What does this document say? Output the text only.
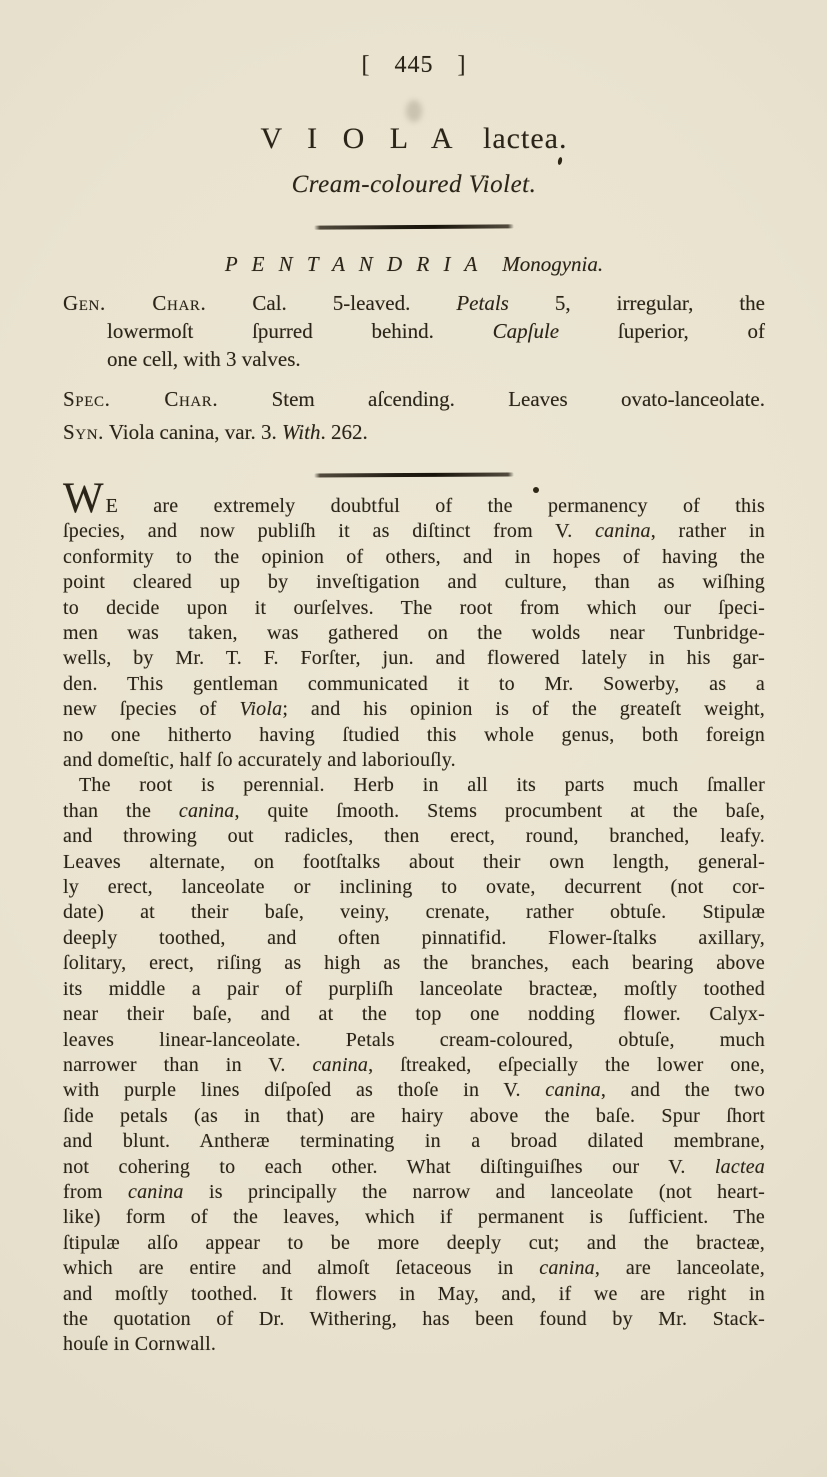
[ 445 ]
V I O L A lactea.
Cream-coloured Violet.
P E N T A N D R I A Monogynia.
Gen. Char. Cal. 5-leaved. Petals 5, irregular, the
lowermoſt ſpurred behind. Capſule ſuperior, of
one cell, with 3 valves.
Spec. Char. Stem aſcending. Leaves ovato-lanceolate.
Syn. Viola canina, var. 3. With. 262.
WE are extremely doubtful of the permanency of this
ſpecies, and now publiſh it as diſtinct from V. canina, rather in
conformity to the opinion of others, and in hopes of having the
point cleared up by inveſtigation and culture, than as wiſhing
to decide upon it ourſelves. The root from which our ſpeci-
men was taken, was gathered on the wolds near Tunbridge-
wells, by Mr. T. F. Forſter, jun. and flowered lately in his gar-
den. This gentleman communicated it to Mr. Sowerby, as a
new ſpecies of Viola; and his opinion is of the greateſt weight,
no one hitherto having ſtudied this whole genus, both foreign
and domeſtic, half ſo accurately and laboriouſly.
The root is perennial. Herb in all its parts much ſmaller
than the canina, quite ſmooth. Stems procumbent at the baſe,
and throwing out radicles, then erect, round, branched, leafy.
Leaves alternate, on footſtalks about their own length, general-
ly erect, lanceolate or inclining to ovate, decurrent (not cor-
date) at their baſe, veiny, crenate, rather obtuſe. Stipulæ
deeply toothed, and often pinnatifid. Flower-ſtalks axillary,
ſolitary, erect, riſing as high as the branches, each bearing above
its middle a pair of purpliſh lanceolate bracteæ, moſtly toothed
near their baſe, and at the top one nodding flower. Calyx-
leaves linear-lanceolate. Petals cream-coloured, obtuſe, much
narrower than in V. canina, ſtreaked, eſpecially the lower one,
with purple lines diſpoſed as thoſe in V. canina, and the two
ſide petals (as in that) are hairy above the baſe. Spur ſhort
and blunt. Antheræ terminating in a broad dilated membrane,
not cohering to each other. What diſtinguiſhes our V. lactea
from canina is principally the narrow and lanceolate (not heart-
like) form of the leaves, which if permanent is ſufficient. The
ſtipulæ alſo appear to be more deeply cut; and the bracteæ,
which are entire and almoſt ſetaceous in canina, are lanceolate,
and moſtly toothed. It flowers in May, and, if we are right in
the quotation of Dr. Withering, has been found by Mr. Stack-
houſe in Cornwall.
